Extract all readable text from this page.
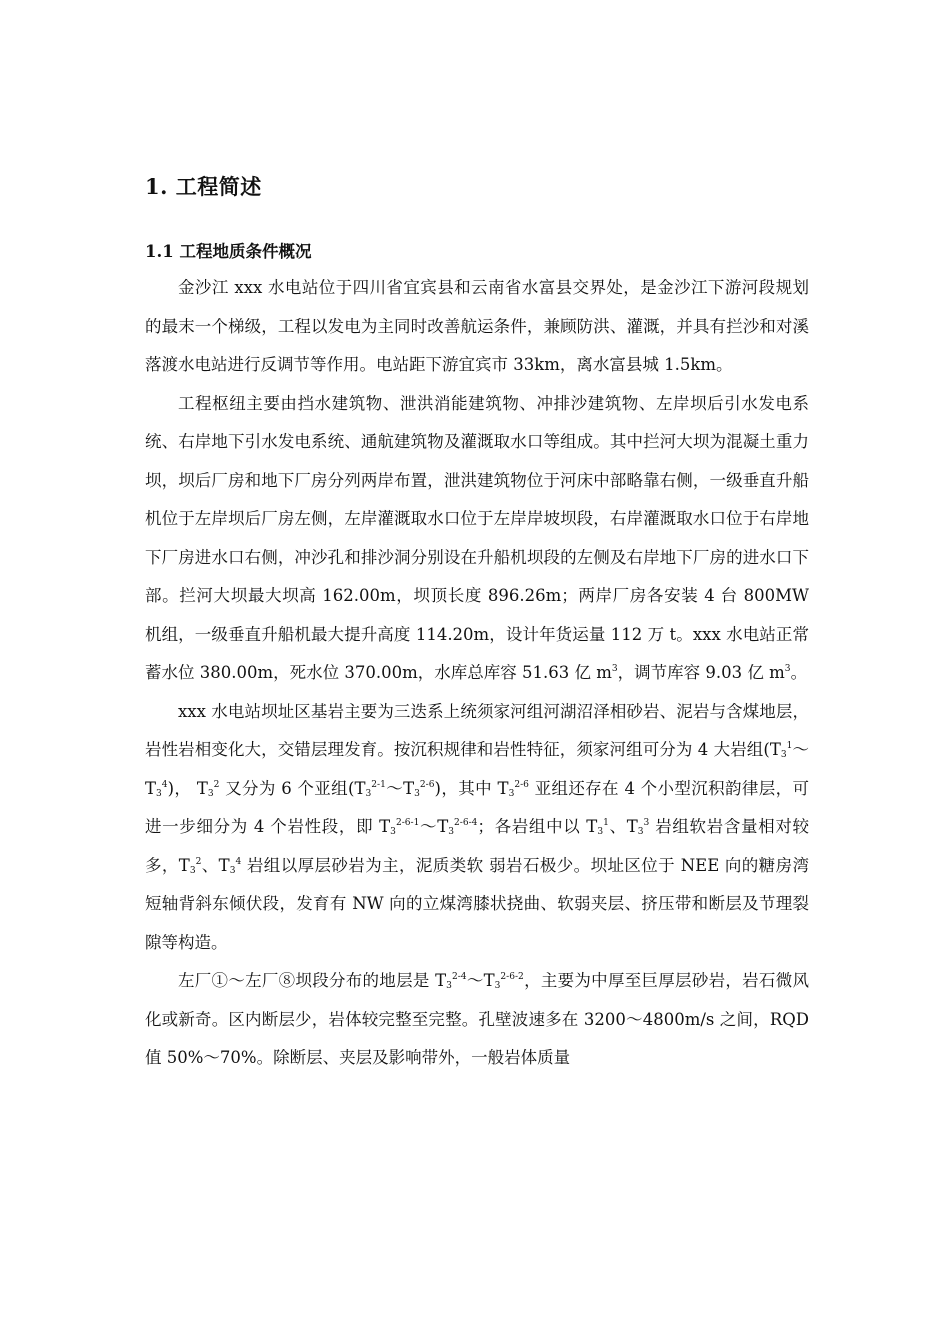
1. 工程简述
1.1 工程地质条件概况

金沙江 xxx 水电站位于四川省宜宾县和云南省水富县交界处，是金沙江下游河段规划的最末一个梯级，工程以发电为主同时改善航运条件，兼顾防洪、灌溉，并具有拦沙和对溪落渡水电站进行反调节等作用。电站距下游宜宾市 33km，离水富县城 1.5km。

工程枢纽主要由挡水建筑物、泄洪消能建筑物、冲排沙建筑物、左岸坝后引水发电系统、右岸地下引水发电系统、通航建筑物及灌溉取水口等组成。其中拦河大坝为混凝土重力坝，坝后厂房和地下厂房分列两岸布置，泄洪建筑物位于河床中部略靠右侧，一级垂直升船机位于左岸坝后厂房左侧，左岸灌溉取水口位于左岸岸坡坝段，右岸灌溉取水口位于右岸地下厂房进水口右侧，冲沙孔和排沙洞分别设在升船机坝段的左侧及右岸地下厂房的进水口下部。拦河大坝最大坝高 162.00m，坝顶长度 896.26m；两岸厂房各安装 4 台 800MW 机组，一级垂直升船机最大提升高度 114.20m，设计年货运量 112 万 t。xxx 水电站正常蓄水位 380.00m，死水位 370.00m，水库总库容 51.63 亿 $m^3$，调节库容 9.03 亿 $m^3$。

xxx 水电站坝址区基岩主要为三迭系上统须家河组河湖沼泽相砂岩、泥岩与含煤地层，岩性岩相变化大，交错层理发育。按沉积规律和岩性特征，须家河组可分为 4 大岩组$(T_3^1\sim T_3^4)$， $T_3^2$ 又分为 6 个亚组$(T_3^{2-1}\sim T_3^{2-6})$，其中 $T_3^{2-6}$ 亚组还存在 4 个小型沉积韵律层，可进一步细分为 4 个岩性段，即 $T_3^{2-6-1}\sim T_3^{2-6-4}$；各岩组中以 $T_3^1$、$T_3^3$ 岩组软岩含量相对较多，$T_3^2$、$T_3^4$ 岩组以厚层砂岩为主，泥质类软 弱岩石极少。坝址区位于 NEE 向的糖房湾短轴背斜东倾伏段，发育有 NW 向的立煤湾膝状挠曲、软弱夹层、挤压带和断层及节理裂隙等构造。

左厂①～左厂⑧坝段分布的地层是 $T_3^{2-4}\sim T_3^{2-6-2}$，主要为中厚至巨厚层砂岩，岩石微风化或新奇。区内断层少，岩体较完整至完整。孔壁波速多在 3200～4800m/s 之间，RQD 值 50%～70%。除断层、夹层及影响带外，一般岩体质量
